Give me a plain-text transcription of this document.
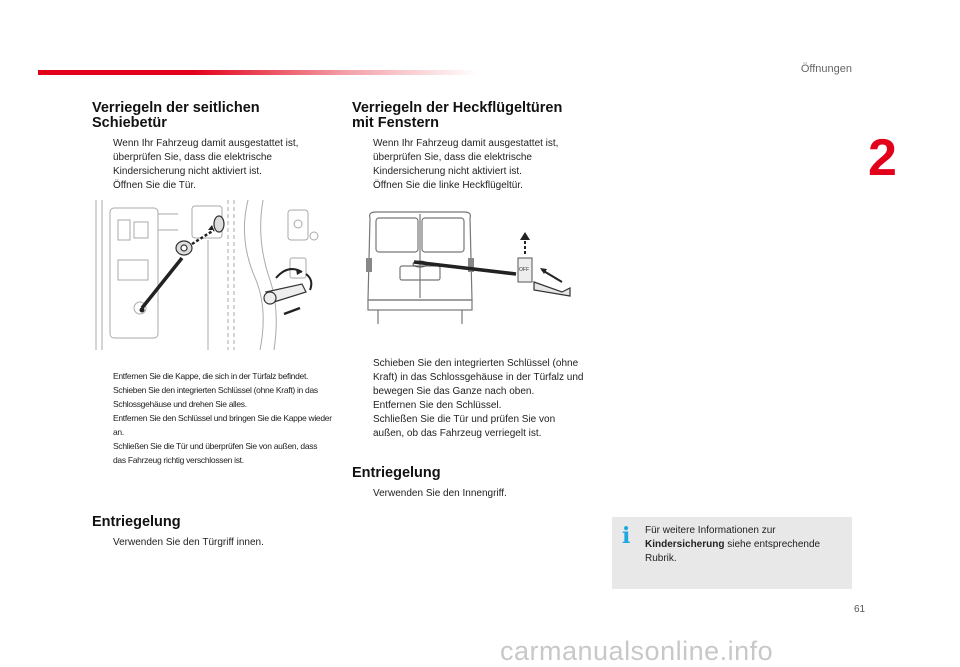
Öffnungen
2
Verriegeln der seitlichen
Schiebetür
Wenn Ihr Fahrzeug damit ausgestattet ist, überprüfen Sie, dass die elektrische Kindersicherung nicht aktiviert ist.
Öffnen Sie die Tür.
Entfernen Sie die Kappe, die sich in der Türfalz befindet.
Schieben Sie den integrierten Schlüssel (ohne Kraft) in das Schlossgehäuse und drehen Sie alles.
Entfernen Sie den Schlüssel und bringen Sie die Kappe wieder an.
Schließen Sie die Tür und überprüfen Sie von außen, dass das Fahrzeug richtig verschlossen ist.
Entriegelung
Verwenden Sie den Türgriff innen.
Verriegeln der Heckflügeltüren
mit Fenstern
Wenn Ihr Fahrzeug damit ausgestattet ist, überprüfen Sie, dass die elektrische Kindersicherung nicht aktiviert ist.
Öffnen Sie die linke Heckflügeltür.
OFF
Schieben Sie den integrierten Schlüssel (ohne Kraft) in das Schlossgehäuse in der Türfalz und bewegen Sie das Ganze nach oben.
Entfernen Sie den Schlüssel.
Schließen Sie die Tür und prüfen Sie von außen, ob das Fahrzeug verriegelt ist.
Entriegelung
Verwenden Sie den Innengriff.
i Für weitere Informationen zur Kindersicherung siehe entsprechende Rubrik.
61
carmanualsonline.info
